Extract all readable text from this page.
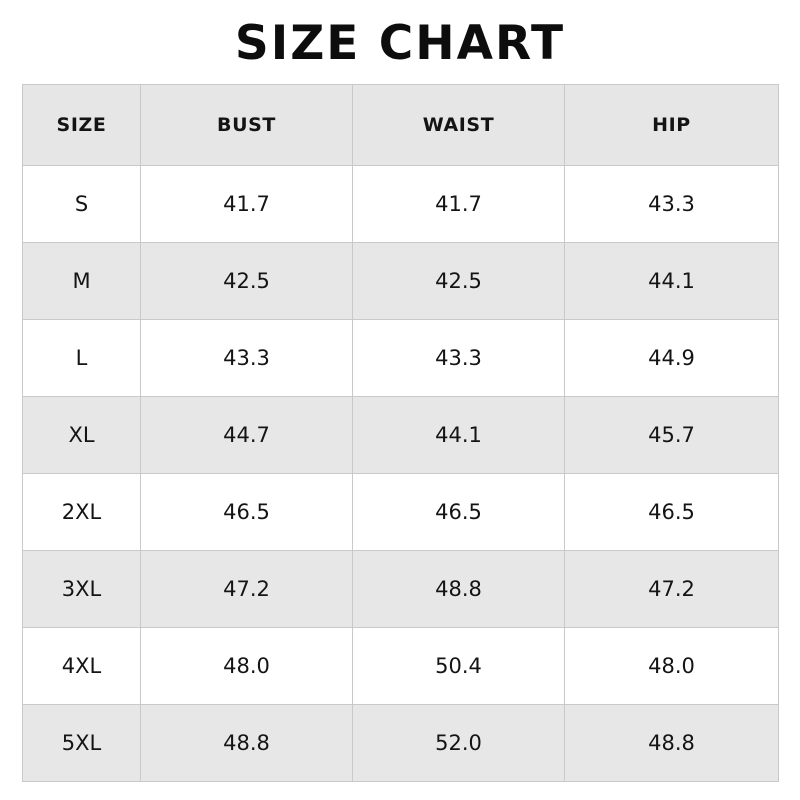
SIZE CHART
SIZE	BUST	WAIST	HIP
S	41.7	41.7	43.3
M	42.5	42.5	44.1
L	43.3	43.3	44.9
XL	44.7	44.1	45.7
2XL	46.5	46.5	46.5
3XL	47.2	48.8	47.2
4XL	48.0	50.4	48.0
5XL	48.8	52.0	48.8
